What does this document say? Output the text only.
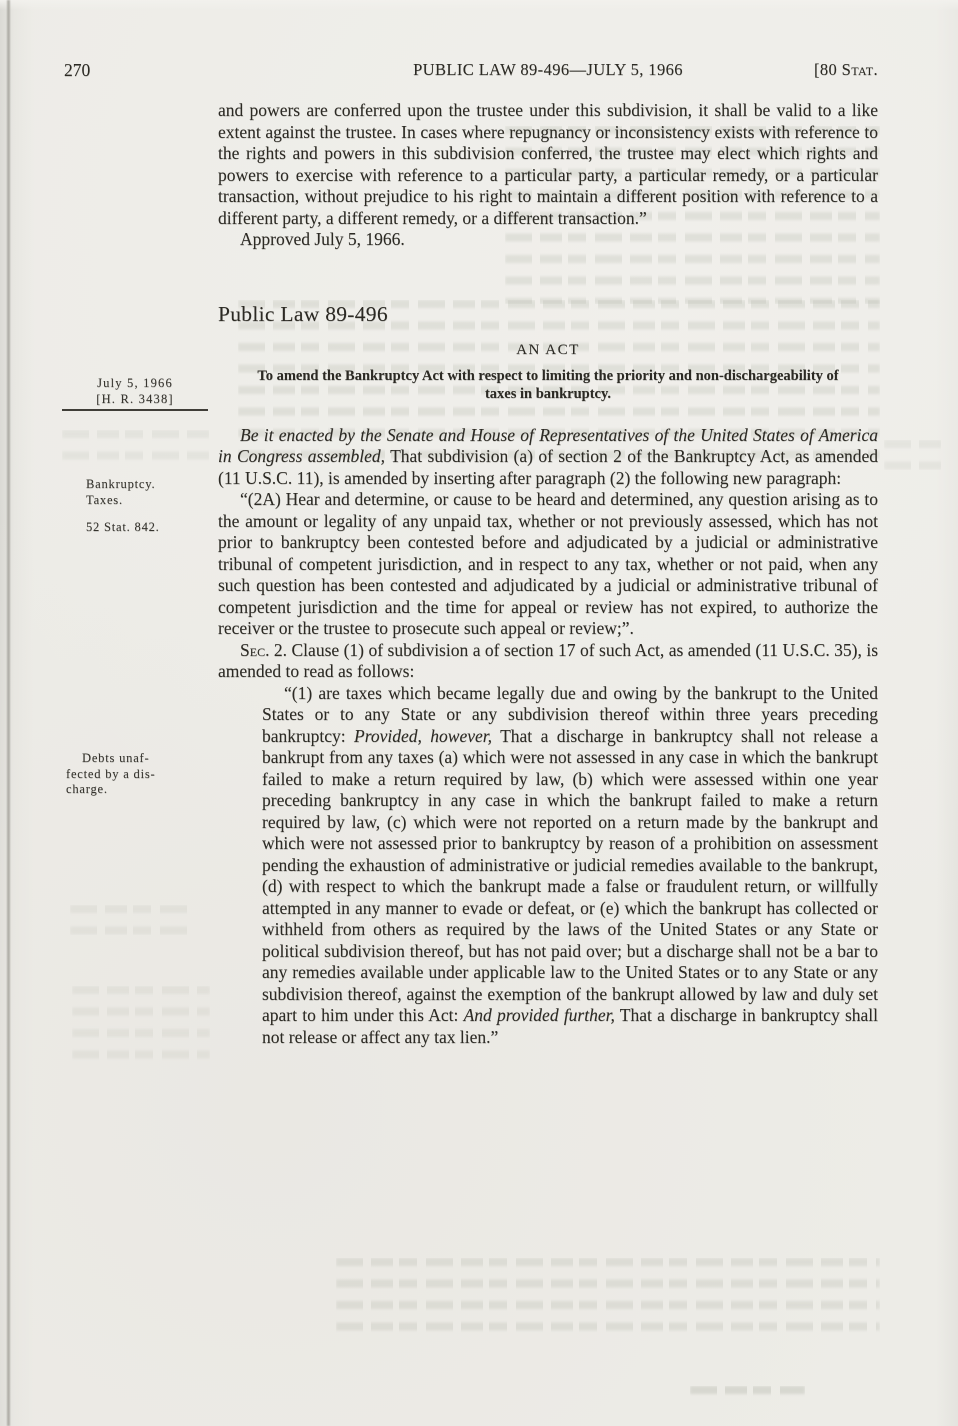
270	PUBLIC LAW 89-496—JULY 5, 1966	[80 Stat.
July 5, 1966
[H. R. 3438]
Bankruptcy.
Taxes.
52 Stat. 842.
Debts unaf-
fected by a dis-
charge.

and powers are conferred upon the trustee under this subdivision, it shall be valid to a like extent against the trustee. In cases where repugnancy or inconsistency exists with reference to the rights and powers in this subdivision conferred, the trustee may elect which rights and powers to exercise with reference to a particular party, a particular remedy, or a particular transaction, without prejudice to his right to maintain a different position with reference to a different party, a different remedy, or a different transaction.”

Approved July 5, 1966.

Public Law 89-496

AN ACT

To amend the Bankruptcy Act with respect to limiting the priority and non-dischargeability of taxes in bankruptcy.

Be it enacted by the Senate and House of Representatives of the United States of America in Congress assembled, That subdivision (a) of section 2 of the Bankruptcy Act, as amended (11 U.S.C. 11), is amended by inserting after paragraph (2) the following new paragraph:

“(2A) Hear and determine, or cause to be heard and determined, any question arising as to the amount or legality of any unpaid tax, whether or not previously assessed, which has not prior to bankruptcy been contested before and adjudicated by a judicial or administrative tribunal of competent jurisdiction, and in respect to any tax, whether or not paid, when any such question has been contested and adjudicated by a judicial or administrative tribunal of competent jurisdiction and the time for appeal or review has not expired, to authorize the receiver or the trustee to prosecute such appeal or review;”.

Sec. 2. Clause (1) of subdivision a of section 17 of such Act, as amended (11 U.S.C. 35), is amended to read as follows:

“(1) are taxes which became legally due and owing by the bankrupt to the United States or to any State or any subdivision thereof within three years preceding bankruptcy: Provided, however, That a discharge in bankruptcy shall not release a bankrupt from any taxes (a) which were not assessed in any case in which the bankrupt failed to make a return required by law, (b) which were assessed within one year preceding bankruptcy in any case in which the bankrupt failed to make a return required by law, (c) which were not reported on a return made by the bankrupt and which were not assessed prior to bankruptcy by reason of a prohibition on assessment pending the exhaustion of administrative or judicial remedies available to the bankrupt, (d) with respect to which the bankrupt made a false or fraudulent return, or willfully attempted in any manner to evade or defeat, or (e) which the bankrupt has collected or withheld from others as required by the laws of the United States or any State or political subdivision thereof, but has not paid over; but a discharge shall not be a bar to any remedies available under applicable law to the United States or to any State or any subdivision thereof, against the exemption of the bankrupt allowed by law and duly set apart to him under this Act: And provided further, That a discharge in bankruptcy shall not release or affect any tax lien.”
